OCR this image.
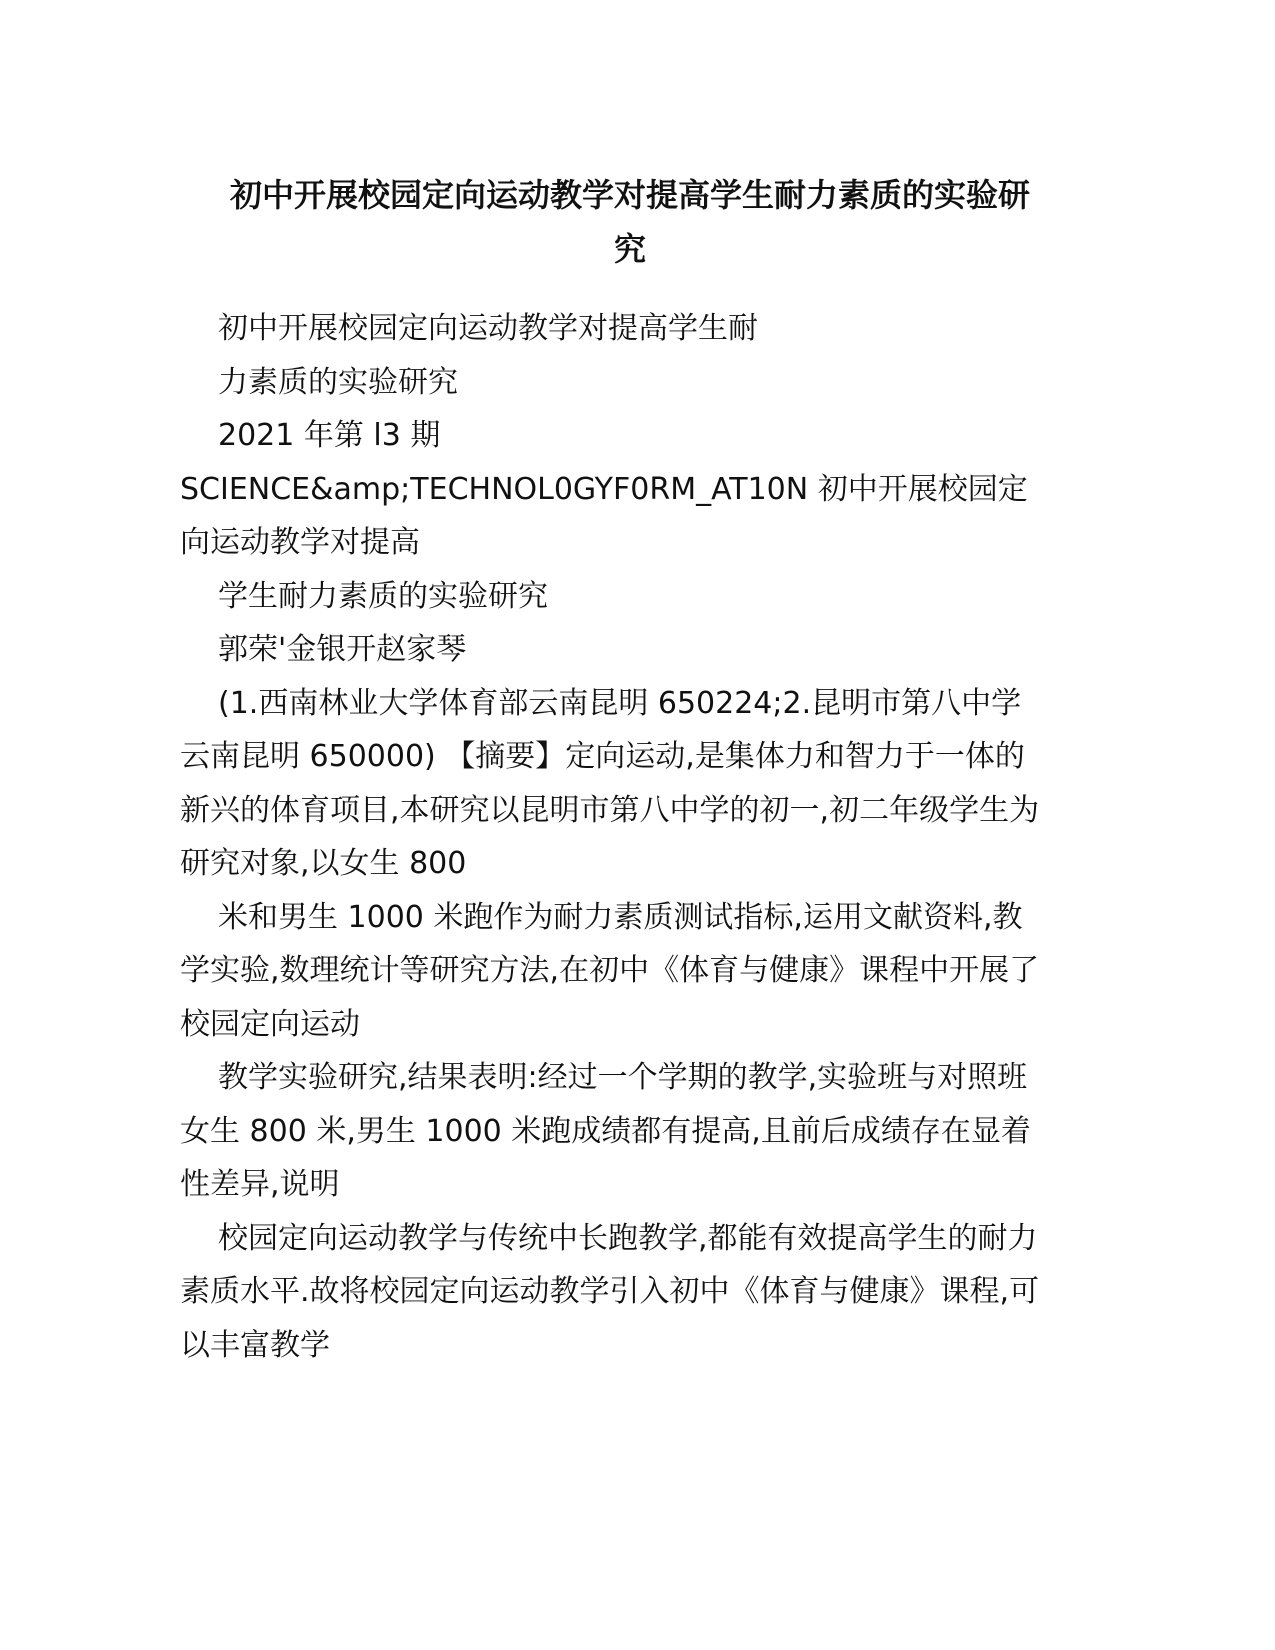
初中开展校园定向运动教学对提高学生耐力素质的实验研究

初中开展校园定向运动教学对提高学生耐

力素质的实验研究

2021 年第 l3 期

SCIENCE&amp;TECHNOL0GYF0RM_AT10N 初中开展校园定向运动教学对提高

学生耐力素质的实验研究

郭荣'金银开赵家琴

(1.西南林业大学体育部云南昆明 650224;2.昆明市第八中学云南昆明 650000) 【摘要】定向运动,是集体力和智力于一体的新兴的体育项目,本研究以昆明市第八中学的初一,初二年级学生为研究对象,以女生 800

米和男生 1000 米跑作为耐力素质测试指标,运用文献资料,教学实验,数理统计等研究方法,在初中《体育与健康》课程中开展了校园定向运动

教学实验研究,结果表明:经过一个学期的教学,实验班与对照班女生 800 米,男生 1000 米跑成绩都有提高,且前后成绩存在显着性差异,说明

校园定向运动教学与传统中长跑教学,都能有效提高学生的耐力素质水平.故将校园定向运动教学引入初中《体育与健康》课程,可以丰富教学
